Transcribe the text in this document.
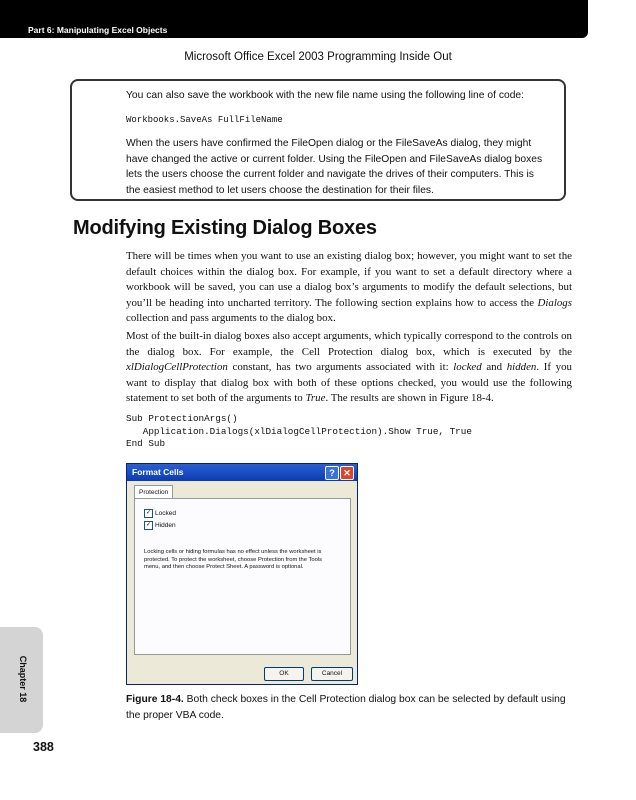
Part 6: Manipulating Excel Objects
Microsoft Office Excel 2003 Programming Inside Out
You can also save the workbook with the new file name using the following line of code:
Workbooks.SaveAs FullFileName
When the users have confirmed the FileOpen dialog or the FileSaveAs dialog, they might have changed the active or current folder. Using the FileOpen and FileSaveAs dialog boxes lets the users choose the current folder and navigate the drives of their computers. This is the easiest method to let users choose the destination for their files.
Modifying Existing Dialog Boxes
There will be times when you want to use an existing dialog box; however, you might want to set the default choices within the dialog box. For example, if you want to set a default directory where a workbook will be saved, you can use a dialog box’s arguments to modify the default selections, but you’ll be heading into uncharted territory. The following section explains how to access the Dialogs collection and pass arguments to the dialog box.
Most of the built-in dialog boxes also accept arguments, which typically correspond to the controls on the dialog box. For example, the Cell Protection dialog box, which is executed by the xlDialogCellProtection constant, has two arguments associated with it: locked and hidden. If you want to display that dialog box with both of these options checked, you would use the following statement to set both of the arguments to True. The results are shown in Figure 18-4.
Sub ProtectionArgs()
Application.Dialogs(xlDialogCellProtection).Show True, True
End Sub
Format Cells	? ✕
Protection
✓ Locked
✓ Hidden
Locking cells or hiding formulas has no effect unless the worksheet is protected. To protect the worksheet, choose Protection from the Tools menu, and then choose Protect Sheet. A password is optional.
OK	Cancel
Figure 18-4. Both check boxes in the Cell Protection dialog box can be selected by default using the proper VBA code.
Chapter 18
388
